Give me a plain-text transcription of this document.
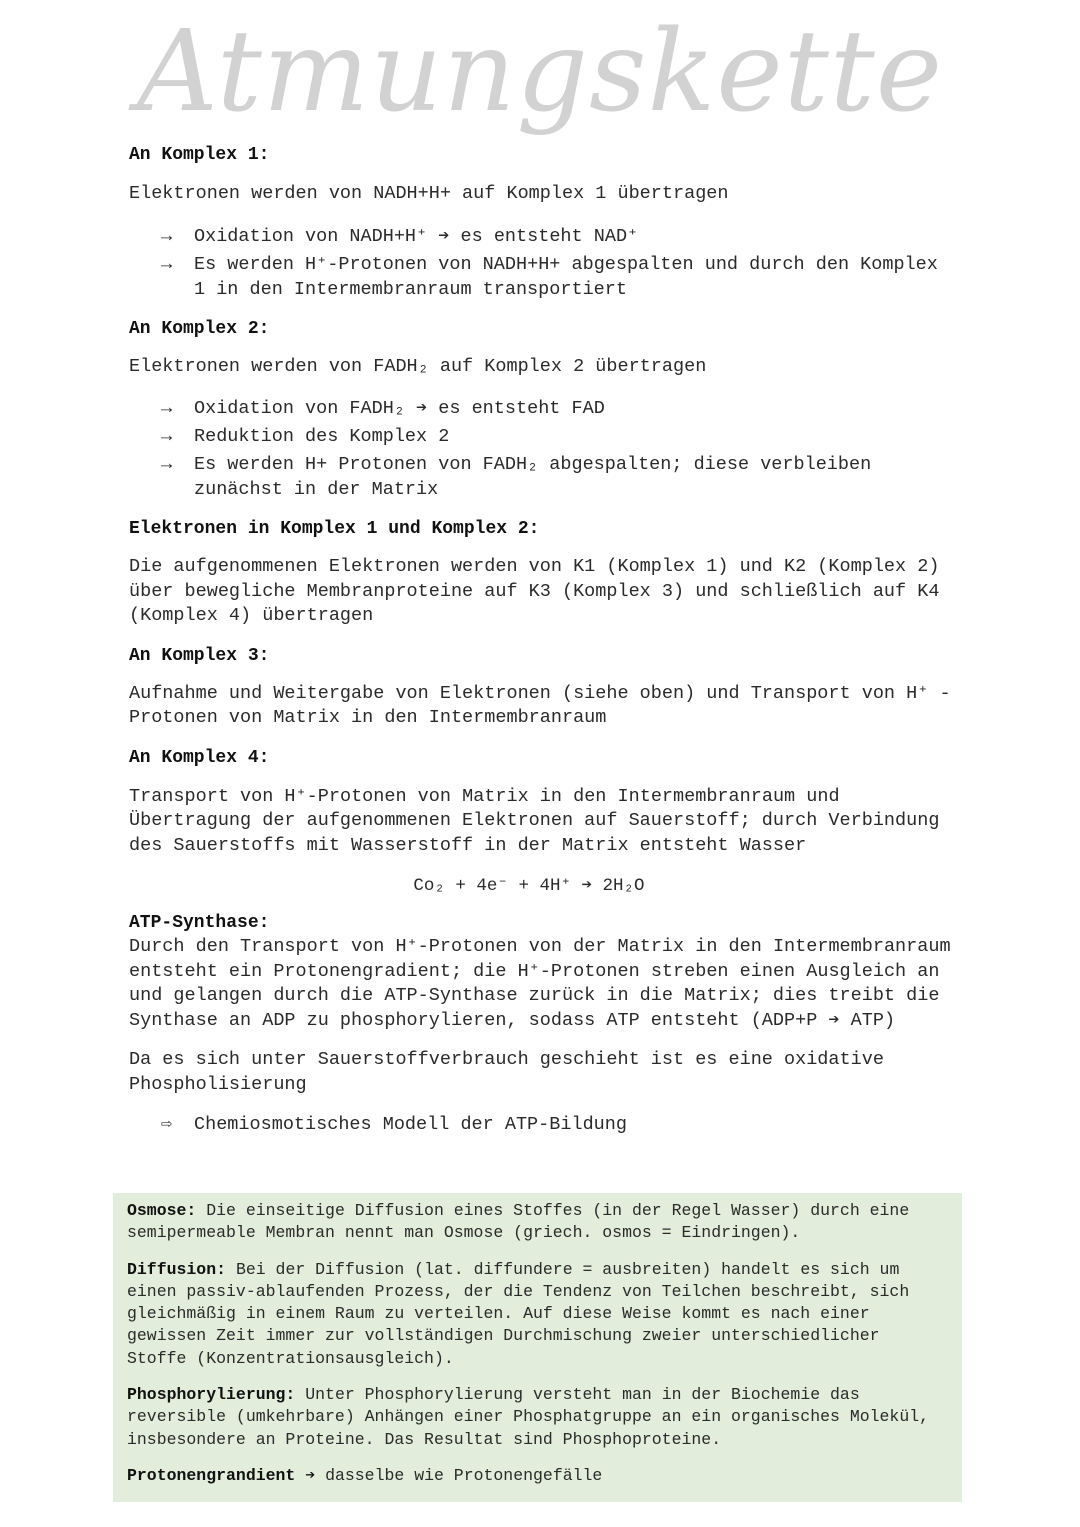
Atmungskette
An Komplex 1:
Elektronen werden von NADH+H+ auf Komplex 1 übertragen
→ Oxidation von NADH+H⁺ ➔ es entsteht NAD⁺
→ Es werden H⁺-Protonen von NADH+H+ abgespalten und durch den Komplex 1 in den Intermembranraum transportiert
An Komplex 2:
Elektronen werden von FADH₂ auf Komplex 2 übertragen
→ Oxidation von FADH₂ ➔ es entsteht FAD
→ Reduktion des Komplex 2
→ Es werden H+ Protonen von FADH₂ abgespalten; diese verbleiben zunächst in der Matrix
Elektronen in Komplex 1 und Komplex 2:
Die aufgenommenen Elektronen werden von K1 (Komplex 1) und K2 (Komplex 2) über bewegliche Membranproteine auf K3 (Komplex 3) und schließlich auf K4 (Komplex 4) übertragen
An Komplex 3:
Aufnahme und Weitergabe von Elektronen (siehe oben) und Transport von H⁺ -Protonen von Matrix in den Intermembranraum
An Komplex 4:
Transport von H⁺-Protonen von Matrix in den Intermembranraum und Übertragung der aufgenommenen Elektronen auf Sauerstoff; durch Verbindung des Sauerstoffs mit Wasserstoff in der Matrix entsteht Wasser
Co₂ + 4e⁻ + 4H⁺ ➔ 2H₂O
ATP-Synthase:
Durch den Transport von H⁺-Protonen von der Matrix in den Intermembranraum entsteht ein Protonengradient; die H⁺-Protonen streben einen Ausgleich an und gelangen durch die ATP-Synthase zurück in die Matrix; dies treibt die Synthase an ADP zu phosphorylieren, sodass ATP entsteht (ADP+P ➔ ATP)
Da es sich unter Sauerstoffverbrauch geschieht ist es eine oxidative Phospholisierung
⇨ Chemiosmotisches Modell der ATP-Bildung
Osmose: Die einseitige Diffusion eines Stoffes (in der Regel Wasser) durch eine semipermeable Membran nennt man Osmose (griech. osmos = Eindringen).
Diffusion: Bei der Diffusion (lat. diffundere = ausbreiten) handelt es sich um einen passiv-ablaufenden Prozess, der die Tendenz von Teilchen beschreibt, sich gleichmäßig in einem Raum zu verteilen. Auf diese Weise kommt es nach einer gewissen Zeit immer zur vollständigen Durchmischung zweier unterschiedlicher Stoffe (Konzentrationsausgleich).
Phosphorylierung: Unter Phosphorylierung versteht man in der Biochemie das reversible (umkehrbare) Anhängen einer Phosphatgruppe an ein organisches Molekül, insbesondere an Proteine. Das Resultat sind Phosphoproteine.
Protonengrandient ➔ dasselbe wie Protonengefälle
